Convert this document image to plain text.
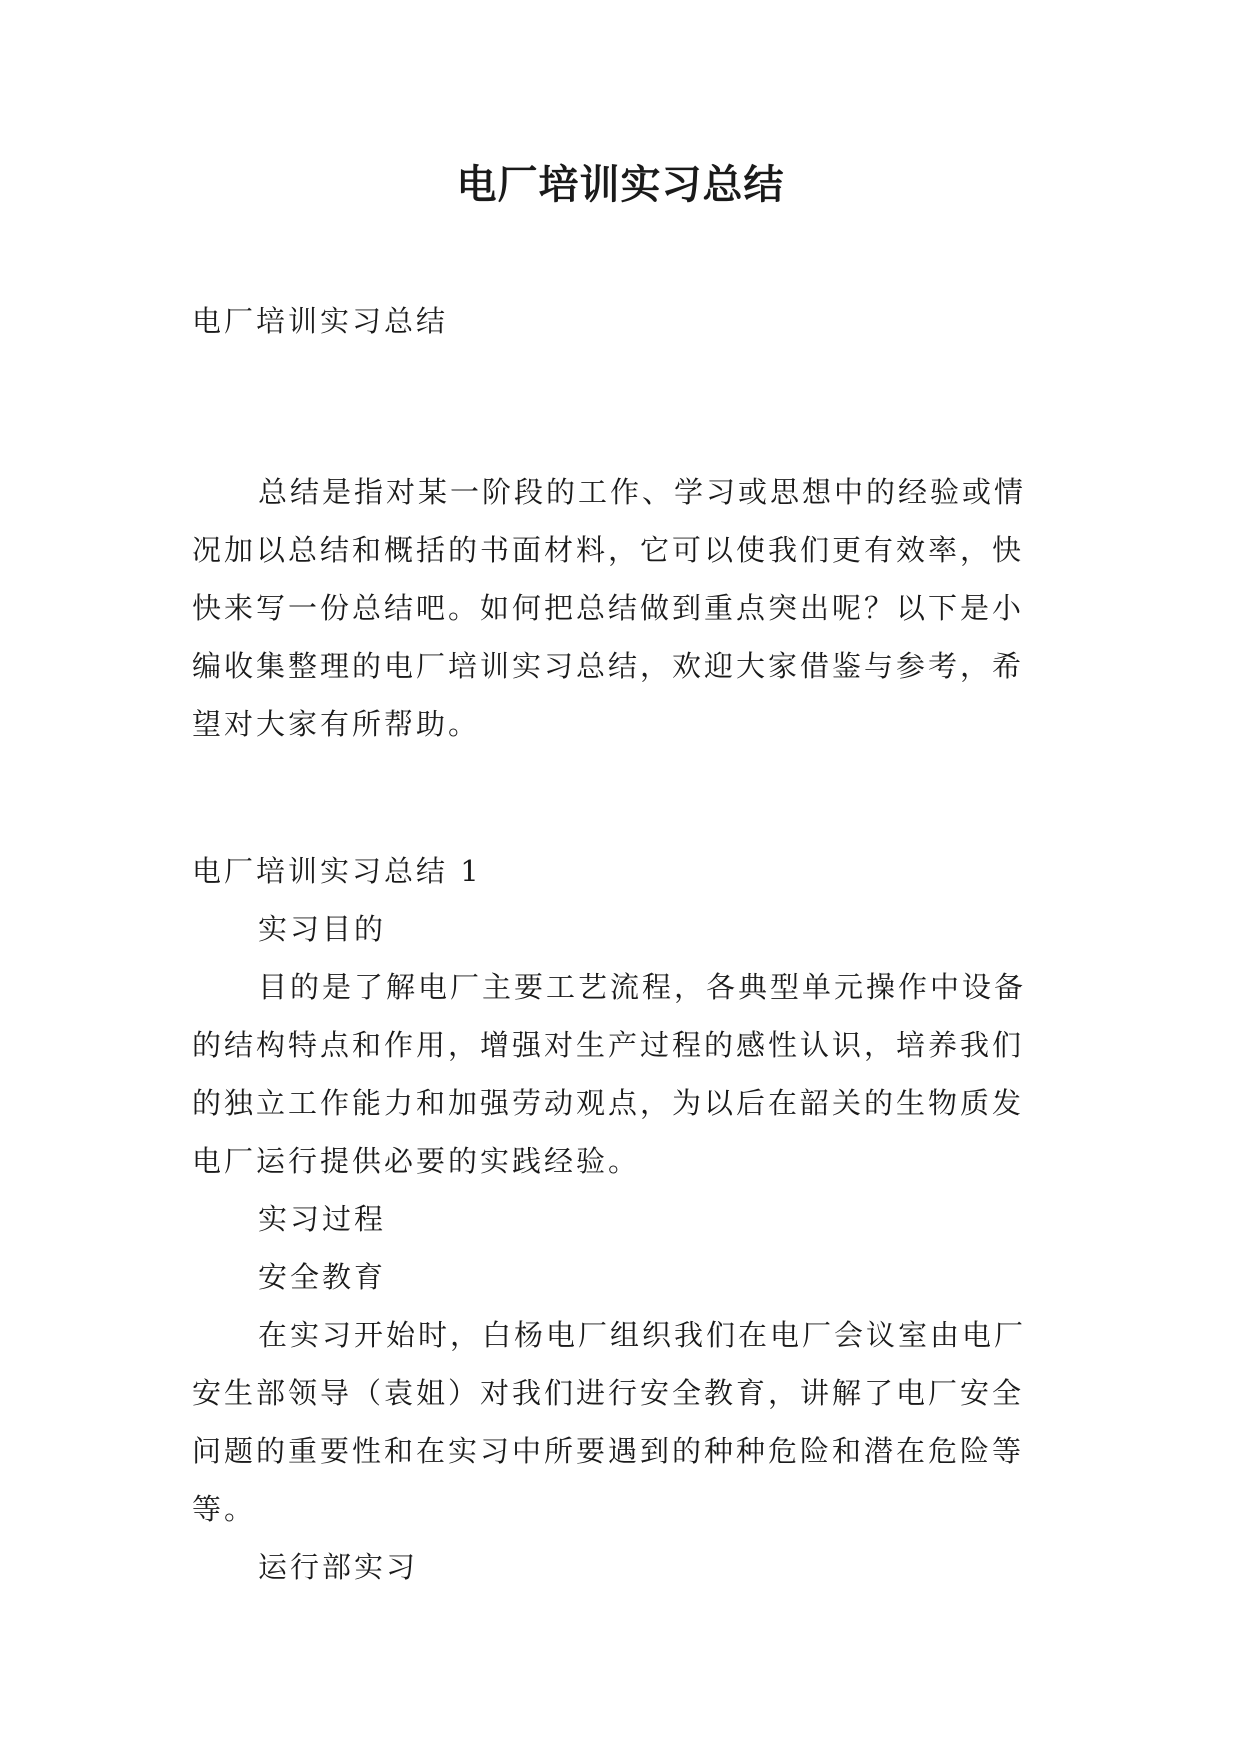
电厂培训实习总结
电厂培训实习总结

总结是指对某一阶段的工作、学习或思想中的经验或情况加以总结和概括的书面材料，它可以使我们更有效率，快快来写一份总结吧。如何把总结做到重点突出呢？以下是小编收集整理的电厂培训实习总结，欢迎大家借鉴与参考，希望对大家有所帮助。

电厂培训实习总结 1

实习目的

目的是了解电厂主要工艺流程，各典型单元操作中设备的结构特点和作用，增强对生产过程的感性认识，培养我们的独立工作能力和加强劳动观点，为以后在韶关的生物质发电厂运行提供必要的实践经验。

实习过程

安全教育

在实习开始时，白杨电厂组织我们在电厂会议室由电厂安生部领导（袁姐）对我们进行安全教育，讲解了电厂安全问题的重要性和在实习中所要遇到的种种危险和潜在危险等等。

运行部实习
